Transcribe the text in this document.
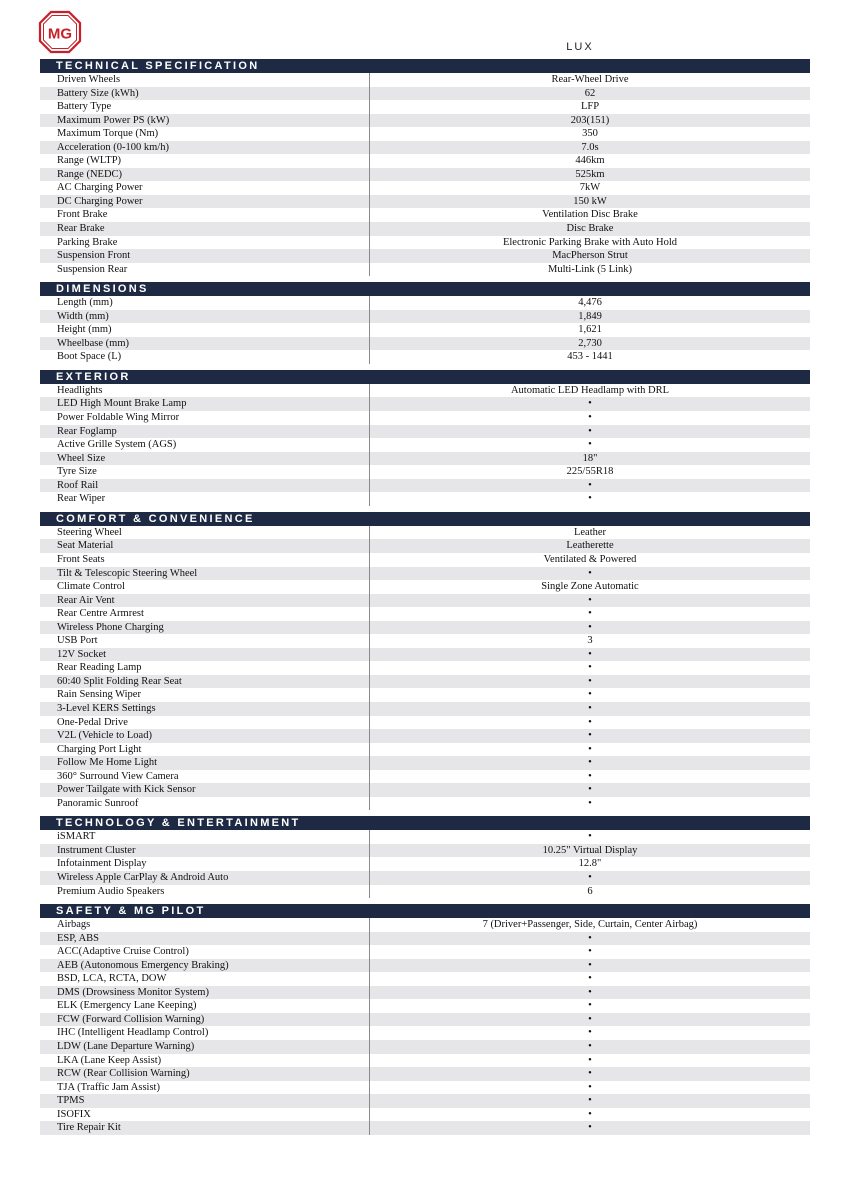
MG
LUX
TECHNICAL SPECIFICATION
Driven Wheels	Rear-Wheel Drive
Battery Size (kWh)	62
Battery Type	LFP
Maximum Power PS (kW)	203(151)
Maximum Torque (Nm)	350
Acceleration (0-100 km/h)	7.0s
Range (WLTP)	446km
Range (NEDC)	525km
AC Charging Power	7kW
DC Charging Power	150 kW
Front Brake	Ventilation Disc Brake
Rear Brake	Disc Brake
Parking Brake	Electronic Parking Brake with Auto Hold
Suspension Front	MacPherson Strut
Suspension Rear	Multi-Link (5 Link)
DIMENSIONS
Length (mm)	4,476
Width (mm)	1,849
Height (mm)	1,621
Wheelbase (mm)	2,730
Boot Space (L)	453 - 1441
EXTERIOR
Headlights	Automatic LED Headlamp with DRL
LED High Mount Brake Lamp	•
Power Foldable Wing Mirror	•
Rear Foglamp	•
Active Grille System (AGS)	•
Wheel Size	18"
Tyre Size	225/55R18
Roof Rail	•
Rear Wiper	•
COMFORT & CONVENIENCE
Steering Wheel	Leather
Seat Material	Leatherette
Front Seats	Ventilated & Powered
Tilt & Telescopic Steering Wheel	•
Climate Control	Single Zone Automatic
Rear Air Vent	•
Rear Centre Armrest	•
Wireless Phone Charging	•
USB Port	3
12V Socket	•
Rear Reading Lamp	•
60:40 Split Folding Rear Seat	•
Rain Sensing Wiper	•
3-Level KERS Settings	•
One-Pedal Drive	•
V2L (Vehicle to Load)	•
Charging Port Light	•
Follow Me Home Light	•
360° Surround View Camera	•
Power Tailgate with Kick Sensor	•
Panoramic Sunroof	•
TECHNOLOGY & ENTERTAINMENT
iSMART	•
Instrument Cluster	10.25" Virtual Display
Infotainment Display	12.8"
Wireless Apple CarPlay & Android Auto	•
Premium Audio Speakers	6
SAFETY & MG PILOT
Airbags	7 (Driver+Passenger, Side, Curtain, Center Airbag)
ESP, ABS	•
ACC(Adaptive Cruise Control)	•
AEB (Autonomous Emergency Braking)	•
BSD, LCA, RCTA, DOW	•
DMS (Drowsiness Monitor System)	•
ELK (Emergency Lane Keeping)	•
FCW (Forward Collision Warning)	•
IHC (Intelligent Headlamp Control)	•
LDW (Lane Departure Warning)	•
LKA (Lane Keep Assist)	•
RCW (Rear Collision Warning)	•
TJA (Traffic Jam Assist)	•
TPMS	•
ISOFIX	•
Tire Repair Kit	•
